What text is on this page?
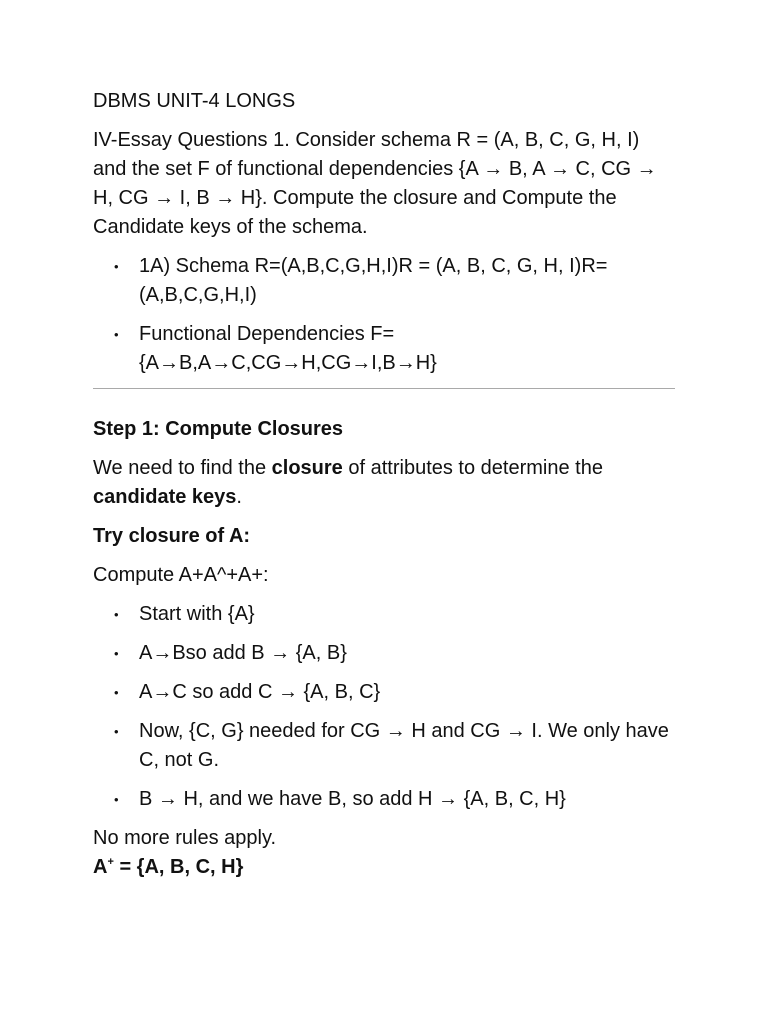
DBMS UNIT-4 LONGS

IV-Essay Questions 1. Consider schema R = (A, B, C, G, H, I) and the set F of functional dependencies {A → B, A → C, CG → H, CG → I, B → H}. Compute the closure and Compute the Candidate keys of the schema.

• 1A) Schema R=(A,B,C,G,H,I)R = (A, B, C, G, H, I)R=(A,B,C,G,H,I)
• Functional Dependencies F={A→B,A→C,CG→H,CG→I,B→H}

Step 1: Compute Closures

We need to find the closure of attributes to determine the candidate keys.

Try closure of A:

Compute A+A^+A+:

• Start with {A}
• A→Bso add B → {A, B}
• A→C so add C → {A, B, C}
• Now, {C, G} needed for CG → H and CG → I. We only have C, not G.
• B → H, and we have B, so add H → {A, B, C, H}

No more rules apply.

A+ = {A, B, C, H}
